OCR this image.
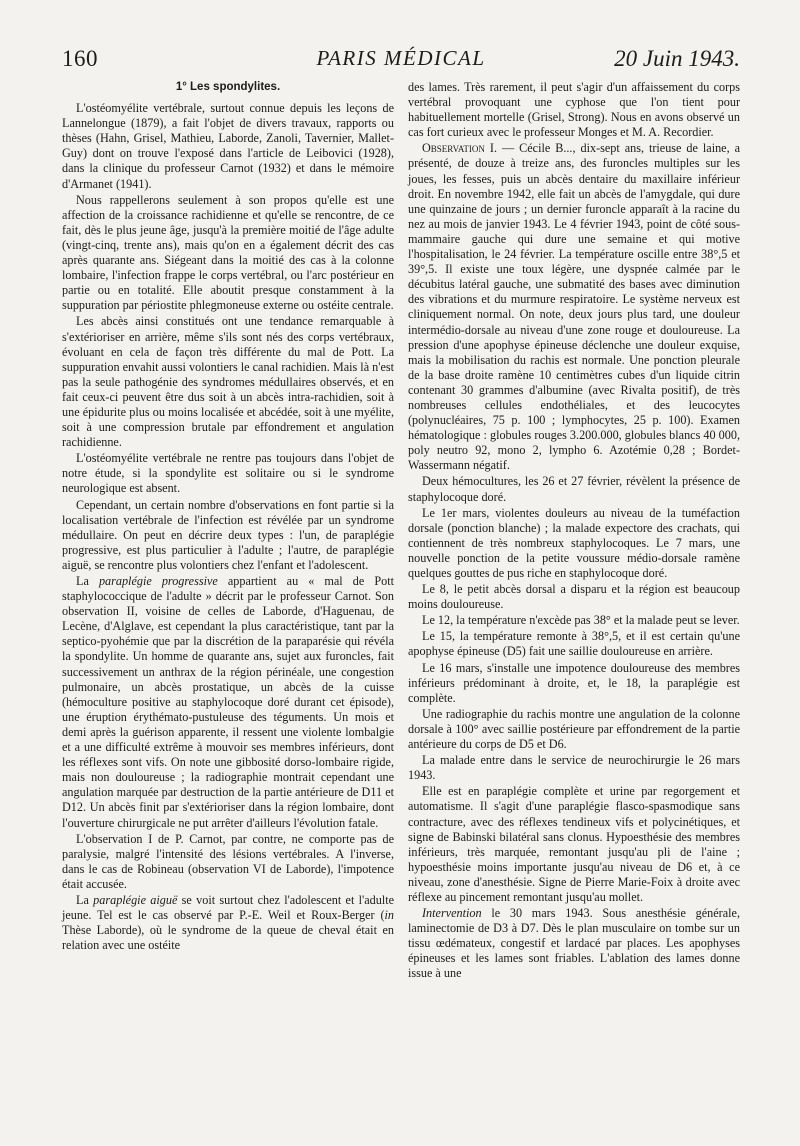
160	PARIS MÉDICAL	20 Juin 1943.
1° Les spondylites.

L'ostéomyélite vertébrale, surtout connue depuis les leçons de Lannelongue (1879), a fait l'objet de divers travaux, rapports ou thèses (Hahn, Grisel, Mathieu, Laborde, Zanoli, Tavernier, Mallet-Guy) dont on trouve l'exposé dans l'article de Leibovici (1928), dans la clinique du professeur Carnot (1932) et dans le mémoire d'Armanet (1941).

Nous rappellerons seulement à son propos qu'elle est une affection de la croissance rachidienne et qu'elle se rencontre, de ce fait, dès le plus jeune âge, jusqu'à la première moitié de l'âge adulte (vingt-cinq, trente ans), mais qu'on en a également décrit des cas après quarante ans. Siégeant dans la moitié des cas à la colonne lombaire, l'infection frappe le corps vertébral, ou l'arc postérieur en partie ou en totalité. Elle aboutit presque constamment à la suppuration par périostite phlegmoneuse externe ou ostéite centrale.

Les abcès ainsi constitués ont une tendance remarquable à s'extérioriser en arrière, même s'ils sont nés des corps vertébraux, évoluant en cela de façon très différente du mal de Pott. La suppuration envahit aussi volontiers le canal rachidien. Mais là n'est pas la seule pathogénie des syndromes médullaires observés, et en fait ceux-ci peuvent être dus soit à un abcès intra-rachidien, soit à une épidurite plus ou moins localisée et abcédée, soit à une myélite, soit à une compression brutale par effondrement et angulation rachidienne.

L'ostéomyélite vertébrale ne rentre pas toujours dans l'objet de notre étude, si la spondylite est solitaire ou si le syndrome neurologique est absent.

Cependant, un certain nombre d'observations en font partie si la localisation vertébrale de l'infection est révélée par un syndrome médullaire. On peut en décrire deux types : l'un, de paraplégie progressive, est plus particulier à l'adulte ; l'autre, de paraplégie aiguë, se rencontre plus volontiers chez l'enfant et l'adolescent.

La paraplégie progressive appartient au « mal de Pott staphylococcique de l'adulte » décrit par le professeur Carnot. Son observation II, voisine de celles de Laborde, d'Haguenau, de Lecène, d'Alglave, est cependant la plus caractéristique, tant par la septico-pyohémie que par la discrétion de la paraparésie qui révéla la spondylite. Un homme de quarante ans, sujet aux furoncles, fait successivement un anthrax de la région périnéale, une congestion pulmonaire, un abcès prostatique, un abcès de la cuisse (hémoculture positive au staphylocoque doré durant cet épisode), une éruption érythémato-pustuleuse des téguments. Un mois et demi après la guérison apparente, il ressent une violente lombalgie et a une difficulté extrême à mouvoir ses membres inférieurs, dont les réflexes sont vifs. On note une gibbosité dorso-lombaire rigide, mais non douloureuse ; la radiographie montrait cependant une angulation marquée par destruction de la partie antérieure de D11 et D12. Un abcès finit par s'extérioriser dans la région lombaire, dont l'ouverture chirurgicale ne put arrêter d'ailleurs l'évolution fatale.

L'observation I de P. Carnot, par contre, ne comporte pas de paralysie, malgré l'intensité des lésions vertébrales. A l'inverse, dans le cas de Robineau (observation VI de Laborde), l'impotence était accusée.

La paraplégie aiguë se voit surtout chez l'adolescent et l'adulte jeune. Tel est le cas observé par P.-E. Weil et Roux-Berger (in Thèse Laborde), où le syndrome de la queue de cheval était en relation avec une ostéite

des lames. Très rarement, il peut s'agir d'un affaissement du corps vertébral provoquant une cyphose que l'on tient pour habituellement mortelle (Grisel, Strong). Nous en avons observé un cas fort curieux avec le professeur Monges et M. A. Recordier.

Observation I. — Cécile B..., dix-sept ans, trieuse de laine, a présenté, de douze à treize ans, des furoncles multiples sur les joues, les fesses, puis un abcès dentaire du maxillaire inférieur droit. En novembre 1942, elle fait un abcès de l'amygdale, qui dure une quinzaine de jours ; un dernier furoncle apparaît à la racine du nez au mois de janvier 1943. Le 4 février 1943, point de côté sous-mammaire gauche qui dure une semaine et qui motive l'hospitalisation, le 24 février. La température oscille entre 38°,5 et 39°,5. Il existe une toux légère, une dyspnée calmée par le décubitus latéral gauche, une submatité des bases avec diminution des vibrations et du murmure respiratoire. Le système nerveux est cliniquement normal. On note, deux jours plus tard, une douleur intermédio-dorsale au niveau d'une zone rouge et douloureuse. La pression d'une apophyse épineuse déclenche une douleur exquise, mais la mobilisation du rachis est normale. Une ponction pleurale de la base droite ramène 10 centimètres cubes d'un liquide citrin contenant 30 grammes d'albumine (avec Rivalta positif), de très nombreuses cellules endothéliales, et des leucocytes (polynucléaires, 75 p. 100 ; lymphocytes, 25 p. 100). Examen hématologique : globules rouges 3.200.000, globules blancs 40 000, poly neutro 92, mono 2, lympho 6. Azotémie 0,28 ; Bordet-Wassermann négatif.

Deux hémocultures, les 26 et 27 février, révèlent la présence de staphylocoque doré.

Le 1er mars, violentes douleurs au niveau de la tuméfaction dorsale (ponction blanche) ; la malade expectore des crachats, qui contiennent de très nombreux staphylocoques. Le 7 mars, une nouvelle ponction de la petite voussure médio-dorsale ramène quelques gouttes de pus riche en staphylocoque doré.

Le 8, le petit abcès dorsal a disparu et la région est beaucoup moins douloureuse.

Le 12, la température n'excède pas 38° et la malade peut se lever.

Le 15, la température remonte à 38°,5, et il est certain qu'une apophyse épineuse (D5) fait une saillie douloureuse en arrière.

Le 16 mars, s'installe une impotence douloureuse des membres inférieurs prédominant à droite, et, le 18, la paraplégie est complète.

Une radiographie du rachis montre une angulation de la colonne dorsale à 100° avec saillie postérieure par effondrement de la partie antérieure du corps de D5 et D6.

La malade entre dans le service de neurochirurgie le 26 mars 1943.

Elle est en paraplégie complète et urine par regorgement et automatisme. Il s'agit d'une paraplégie flasco-spasmodique sans contracture, avec des réflexes tendineux vifs et polycinétiques, et signe de Babinski bilatéral sans clonus. Hypoesthésie des membres inférieurs, très marquée, remontant jusqu'au pli de l'aine ; hypoesthésie moins importante jusqu'au niveau de D6 et, à ce niveau, zone d'anesthésie. Signe de Pierre Marie-Foix à droite avec réflexe au pincement remontant jusqu'au mollet.

Intervention le 30 mars 1943. Sous anesthésie générale, laminectomie de D3 à D7. Dès le plan musculaire on tombe sur un tissu œdémateux, congestif et lardacé par places. Les apophyses épineuses et les lames sont friables. L'ablation des lames donne issue à une
